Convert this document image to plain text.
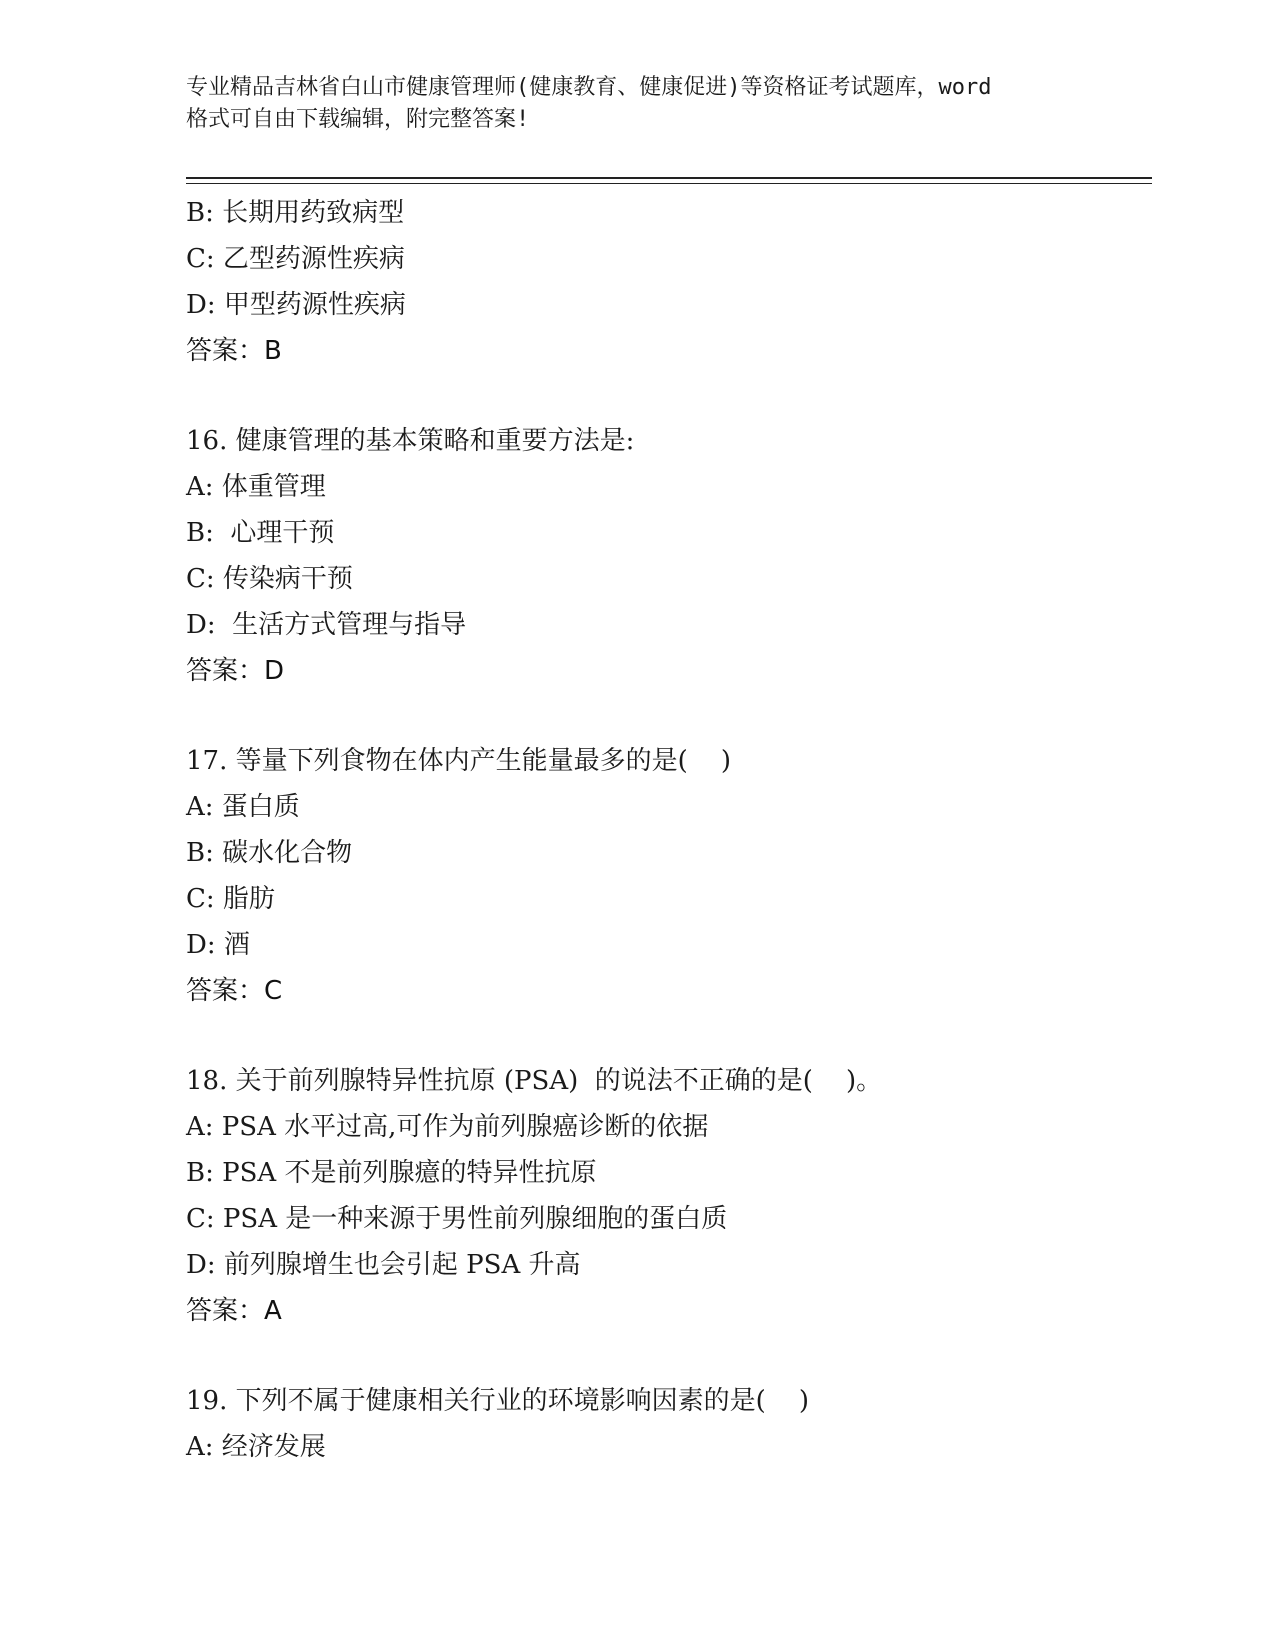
专业精品吉林省白山市健康管理师(健康教育、健康促进)等资格证考试题库，word
格式可自由下载编辑，附完整答案!
B: 长期用药致病型
C: 乙型药源性疾病
D: 甲型药源性疾病
答案：B
16. 健康管理的基本策略和重要方法是:
A: 体重管理
B:  心理干预
C: 传染病干预
D:  生活方式管理与指导
答案：D
17. 等量下列食物在体内产生能量最多的是(    )
A: 蛋白质
B: 碳水化合物
C: 脂肪
D: 酒
答案：C
18. 关于前列腺特异性抗原 (PSA)  的说法不正确的是(    )。
A: PSA 水平过高,可作为前列腺癌诊断的依据
B: PSA 不是前列腺癔的特异性抗原
C: PSA 是一种来源于男性前列腺细胞的蛋白质
D: 前列腺增生也会引起 PSA 升高
答案：A
19. 下列不属于健康相关行业的环境影响因素的是(    )
A: 经济发展
